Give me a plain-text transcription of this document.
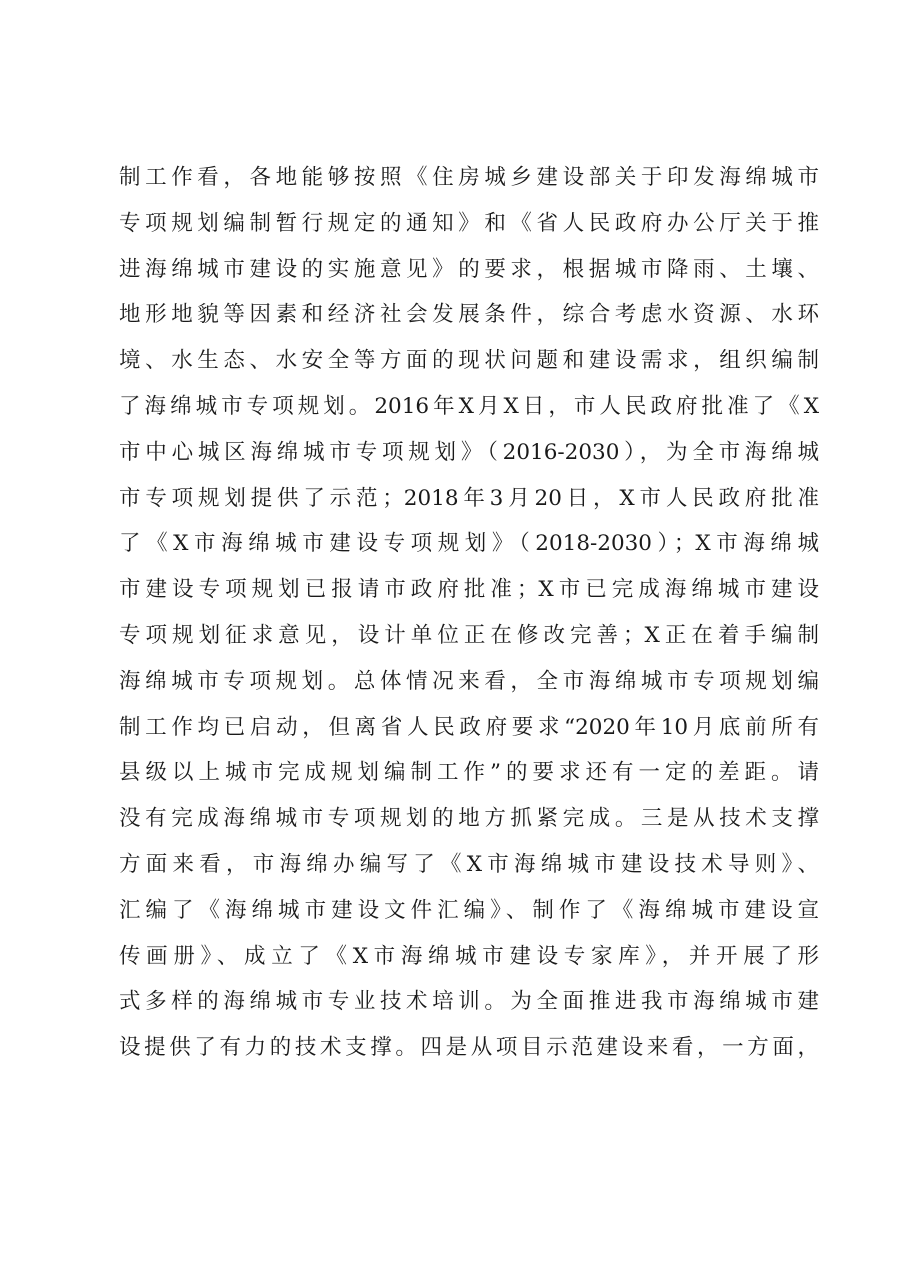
制工作看，各地能够按照《住房城乡建设部关于印发海绵城市
专项规划编制暂行规定的通知》和《省人民政府办公厅关于推
进海绵城市建设的实施意见》的要求，根据城市降雨、土壤、
地形地貌等因素和经济社会发展条件，综合考虑水资源、水环
境、水生态、水安全等方面的现状问题和建设需求，组织编制
了海绵城市专项规划。2016年X月X日，市人民政府批准了《X
市中心城区海绵城市专项规划》（2016-2030），为全市海绵城
市专项规划提供了示范；2018年3月20日，X市人民政府批准
了《X市海绵城市建设专项规划》（2018-2030）；X市海绵城
市建设专项规划已报请市政府批准；X市已完成海绵城市建设
专项规划征求意见，设计单位正在修改完善；X正在着手编制
海绵城市专项规划。总体情况来看，全市海绵城市专项规划编
制工作均已启动，但离省人民政府要求“2020年10月底前所有
县级以上城市完成规划编制工作”的要求还有一定的差距。请
没有完成海绵城市专项规划的地方抓紧完成。三是从技术支撑
方面来看，市海绵办编写了《X市海绵城市建设技术导则》、
汇编了《海绵城市建设文件汇编》、制作了《海绵城市建设宣
传画册》、成立了《X市海绵城市建设专家库》，并开展了形
式多样的海绵城市专业技术培训。为全面推进我市海绵城市建
设提供了有力的技术支撑。四是从项目示范建设来看，一方面，
